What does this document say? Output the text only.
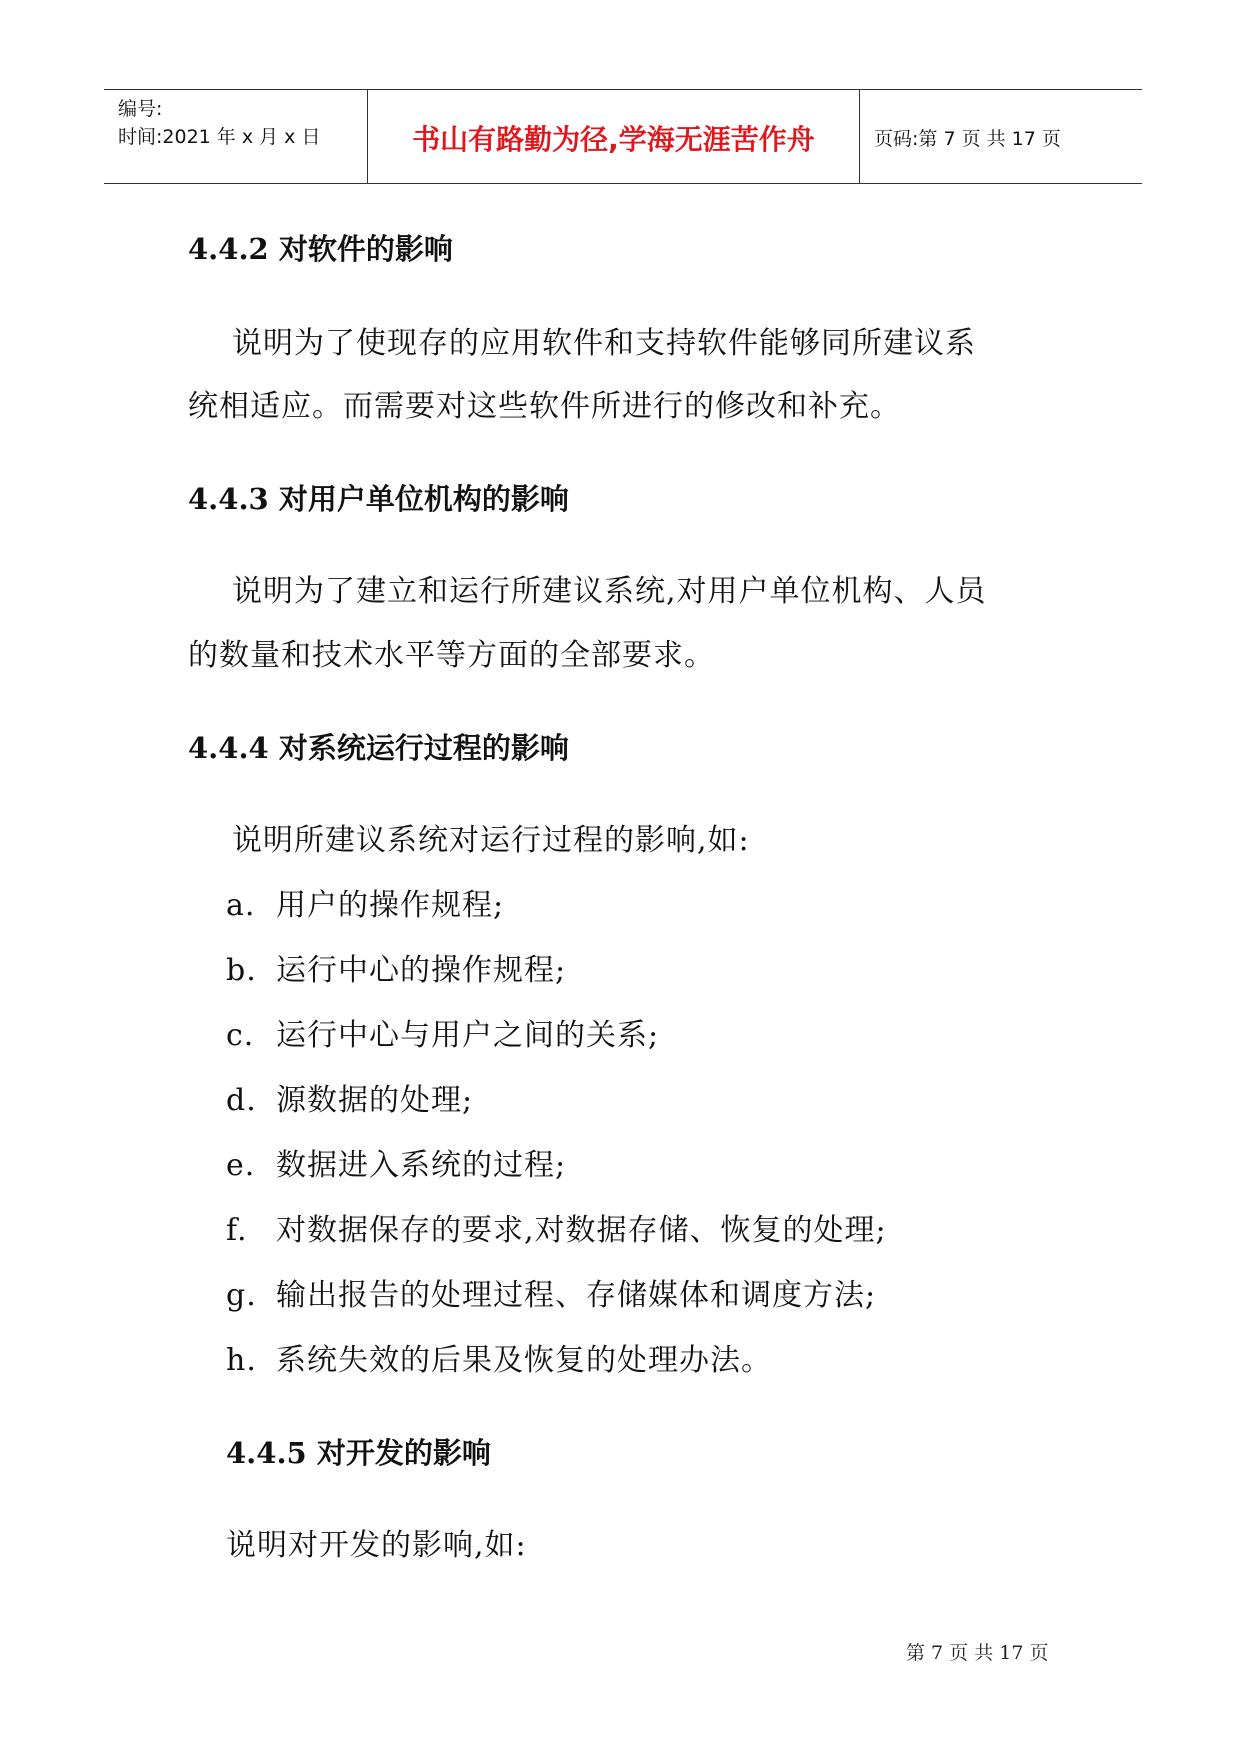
编号:
时间:2021 年 x 月 x 日	书山有路勤为径,学海无涯苦作舟	页码:第 7 页 共 17 页
4.4.2 对软件的影响
说明为了使现存的应用软件和支持软件能够同所建议系
统相适应。而需要对这些软件所进行的修改和补充。
4.4.3 对用户单位机构的影响
说明为了建立和运行所建议系统,对用户单位机构、人员
的数量和技术水平等方面的全部要求。
4.4.4 对系统运行过程的影响
说明所建议系统对运行过程的影响,如:
a. 用户的操作规程;
b. 运行中心的操作规程;
c. 运行中心与用户之间的关系;
d. 源数据的处理;
e. 数据进入系统的过程;
f. 对数据保存的要求,对数据存储、恢复的处理;
g. 输出报告的处理过程、存储媒体和调度方法;
h. 系统失效的后果及恢复的处理办法。
4.4.5 对开发的影响
说明对开发的影响,如:
第 7 页 共 17 页
